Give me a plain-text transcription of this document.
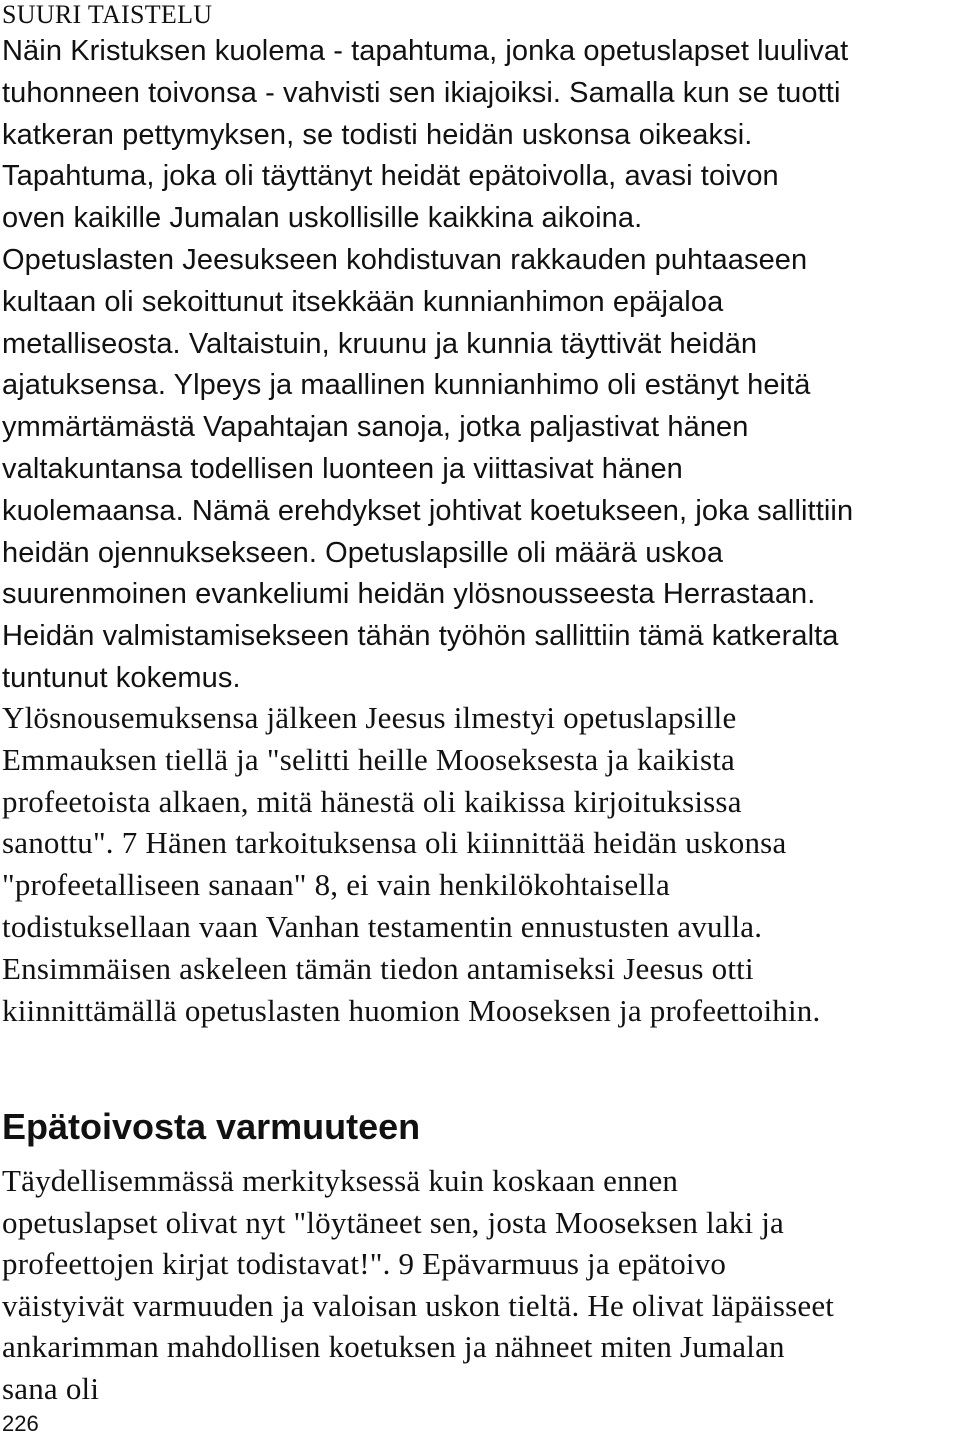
SUURI TAISTELU
Näin Kristuksen kuolema - tapahtuma, jonka opetuslapset luulivat
tuhonneen toivonsa - vahvisti sen ikiajoiksi. Samalla kun se tuotti
katkeran pettymyksen, se todisti heidän uskonsa oikeaksi.
Tapahtuma, joka oli täyttänyt heidät epätoivolla, avasi toivon
oven kaikille Jumalan uskollisille kaikkina aikoina.
Opetuslasten Jeesukseen kohdistuvan rakkauden puhtaaseen
kultaan oli sekoittunut itsekkään kunnianhimon epäjaloa
metalliseosta. Valtaistuin, kruunu ja kunnia täyttivät heidän
ajatuksensa. Ylpeys ja maallinen kunnianhimo oli estänyt heitä
ymmärtämästä Vapahtajan sanoja, jotka paljastivat hänen
valtakuntansa todellisen luonteen ja viittasivat hänen
kuolemaansa. Nämä erehdykset johtivat koetukseen, joka sallittiin
heidän ojennuksekseen. Opetuslapsille oli määrä uskoa
suurenmoinen evankeliumi heidän ylösnousseesta Herrastaan.
Heidän valmistamisekseen tähän työhön sallittiin tämä katkeralta
tuntunut kokemus.
Ylösnousemuksensa jälkeen Jeesus ilmestyi opetuslapsille
Emmauksen tiellä ja "selitti heille Mooseksesta ja kaikista
profeetoista alkaen, mitä hänestä oli kaikissa kirjoituksissa
sanottu". 7 Hänen tarkoituksensa oli kiinnittää heidän uskonsa
"profeetalliseen sanaan" 8, ei vain henkilökohtaisella
todistuksellaan vaan Vanhan testamentin ennustusten avulla.
Ensimmäisen askeleen tämän tiedon antamiseksi Jeesus otti
kiinnittämällä opetuslasten huomion Mooseksen ja profeettoihin.
Epätoivosta varmuuteen
Täydellisemmässä merkityksessä kuin koskaan ennen
opetuslapset olivat nyt "löytäneet sen, josta Mooseksen laki ja
profeettojen kirjat todistavat!". 9 Epävarmuus ja epätoivo
väistyivät varmuuden ja valoisan uskon tieltä. He olivat läpäisseet
ankarimman mahdollisen koetuksen ja nähneet miten Jumalan
sana oli
226
